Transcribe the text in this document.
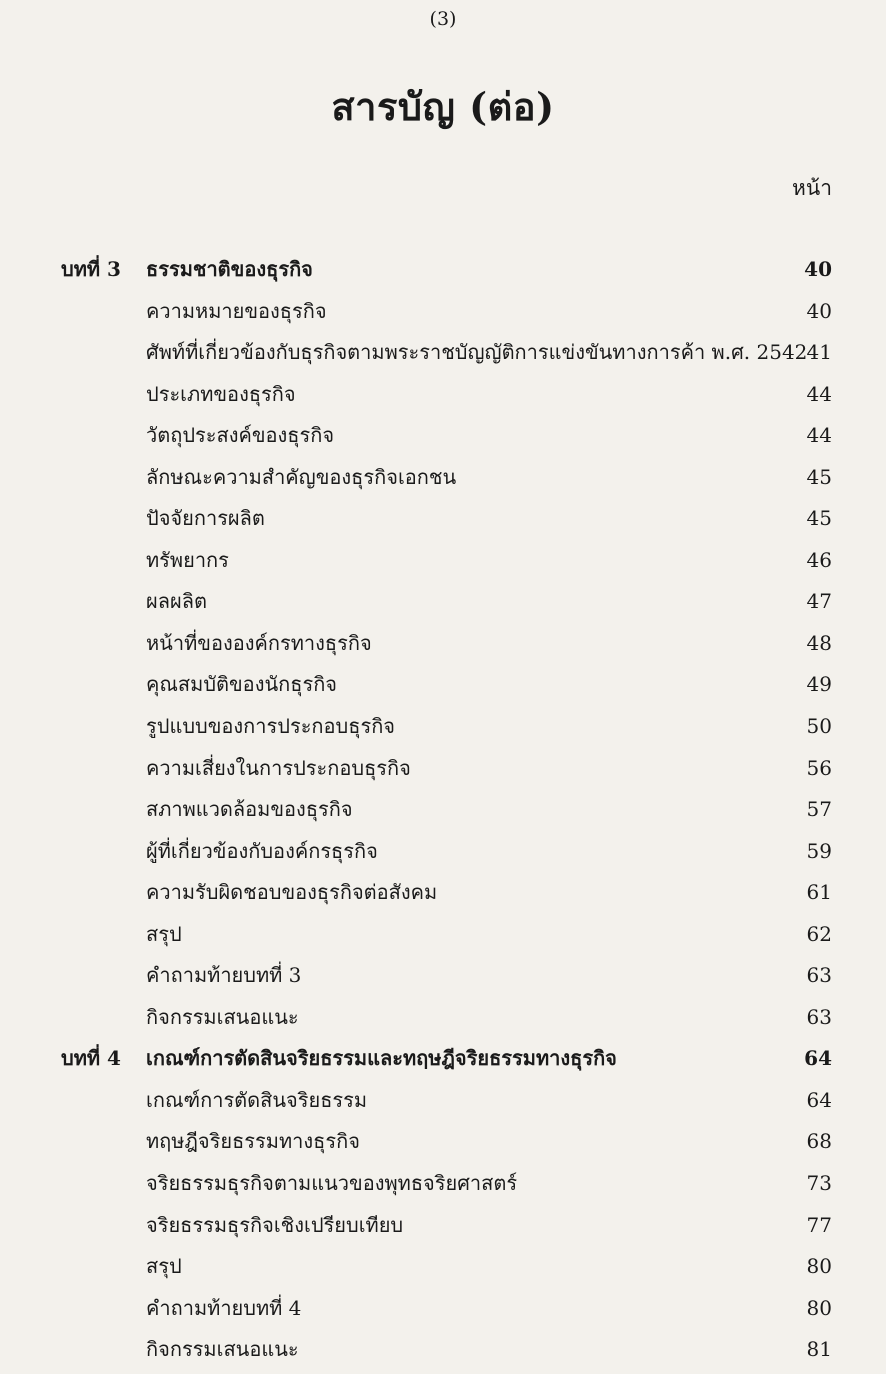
(3)
สารบัญ (ต่อ)
หน้า
บทที่ 3 ธรรมชาติของธุรกิจ	40
ความหมายของธุรกิจ	40
ศัพท์ที่เกี่ยวข้องกับธุรกิจตามพระราชบัญญัติการแข่งขันทางการค้า พ.ศ. 2542 41
ประเภทของธุรกิจ	44
วัตถุประสงค์ของธุรกิจ	44
ลักษณะความสำคัญของธุรกิจเอกชน	45
ปัจจัยการผลิต	45
ทรัพยากร	46
ผลผลิต	47
หน้าที่ขององค์กรทางธุรกิจ	48
คุณสมบัติของนักธุรกิจ	49
รูปแบบของการประกอบธุรกิจ	50
ความเสี่ยงในการประกอบธุรกิจ	56
สภาพแวดล้อมของธุรกิจ	57
ผู้ที่เกี่ยวข้องกับองค์กรธุรกิจ	59
ความรับผิดชอบของธุรกิจต่อสังคม	61
สรุป	62
คำถามท้ายบทที่ 3	63
กิจกรรมเสนอแนะ	63
บทที่ 4 เกณฑ์การตัดสินจริยธรรมและทฤษฎีจริยธรรมทางธุรกิจ	64
เกณฑ์การตัดสินจริยธรรม	64
ทฤษฎีจริยธรรมทางธุรกิจ	68
จริยธรรมธุรกิจตามแนวของพุทธจริยศาสตร์	73
จริยธรรมธุรกิจเชิงเปรียบเทียบ	77
สรุป	80
คำถามท้ายบทที่ 4	80
กิจกรรมเสนอแนะ	81
